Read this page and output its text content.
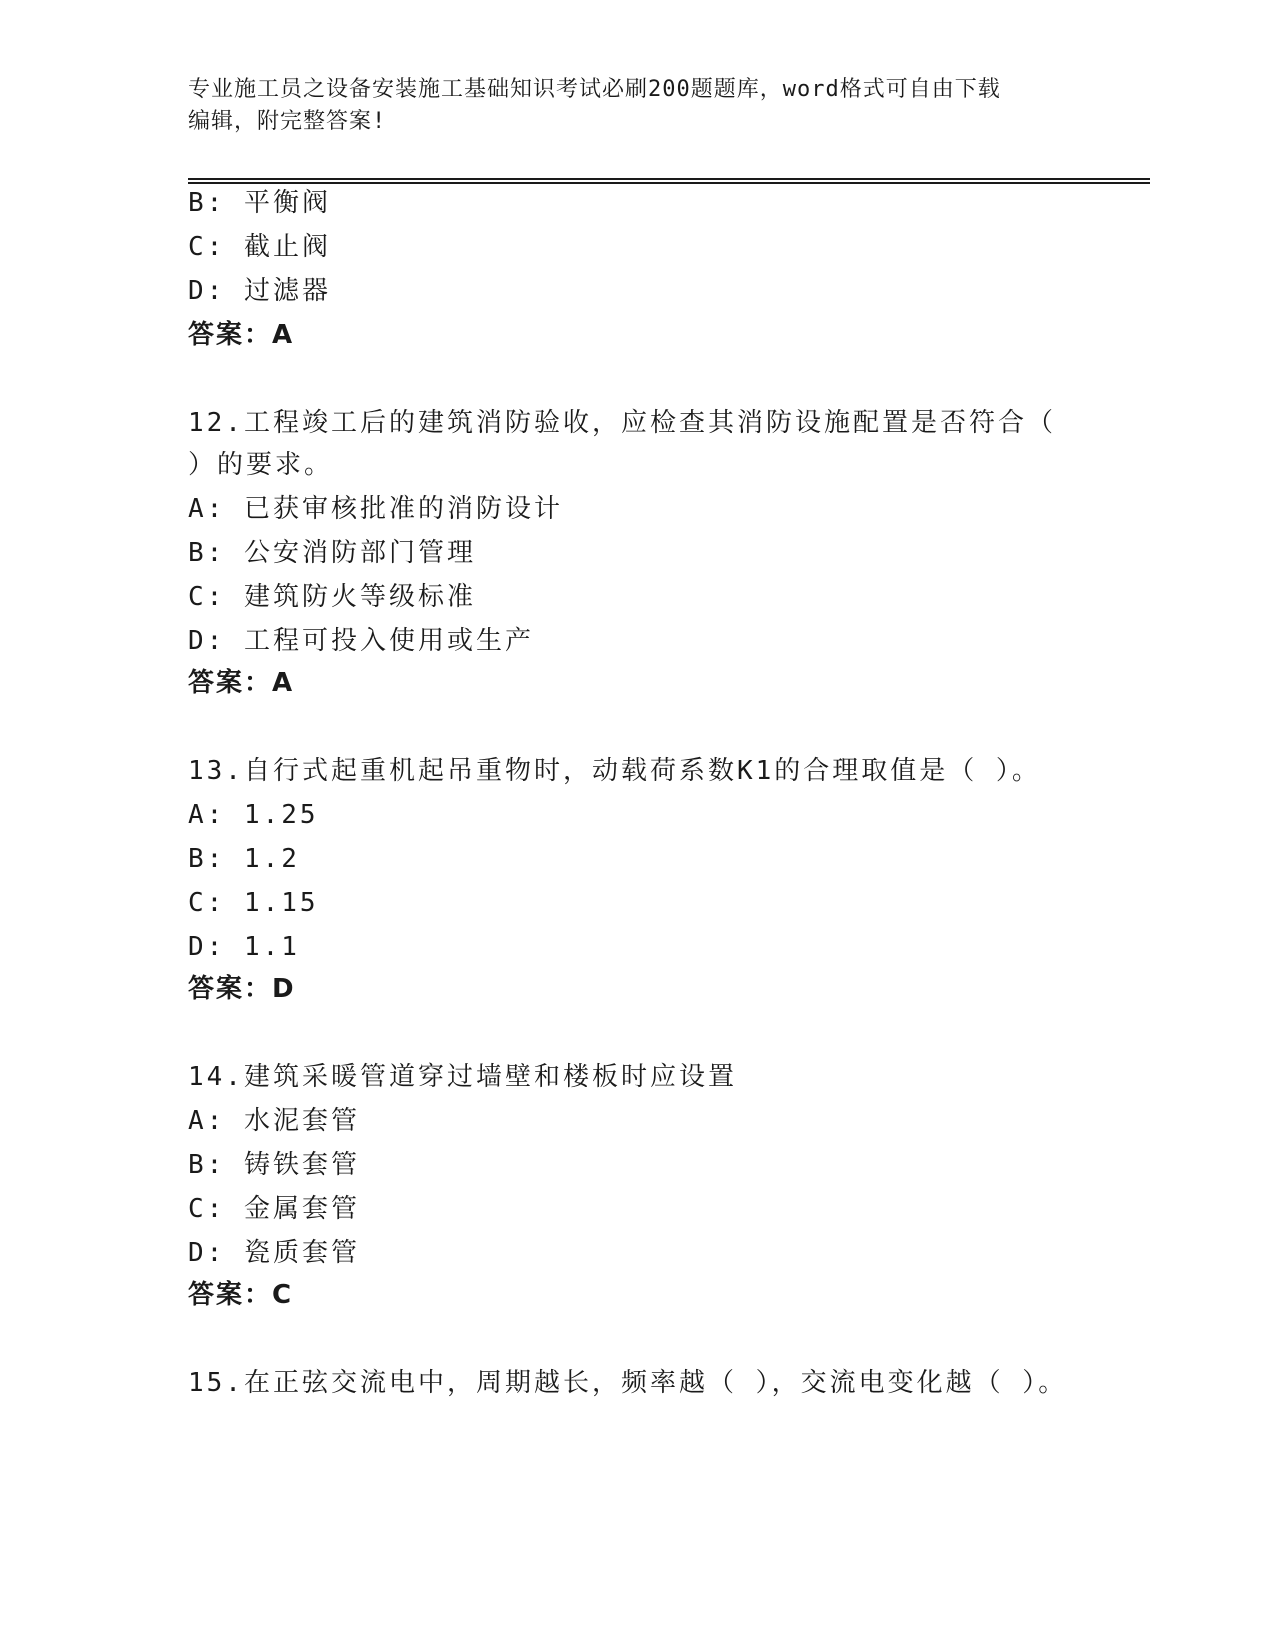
专业施工员之设备安装施工基础知识考试必刷200题题库，word格式可自由下载
编辑，附完整答案!
B: 平衡阀
C: 截止阀
D: 过滤器
答案：A
12.工程竣工后的建筑消防验收，应检查其消防设施配置是否符合（
）的要求。
A: 已获审核批准的消防设计
B: 公安消防部门管理
C: 建筑防火等级标准
D: 工程可投入使用或生产
答案：A
13.自行式起重机起吊重物时，动载荷系数K1的合理取值是（ ）。
A: 1.25
B: 1.2
C: 1.15
D: 1.1
答案：D
14.建筑采暖管道穿过墙壁和楼板时应设置
A: 水泥套管
B: 铸铁套管
C: 金属套管
D: 瓷质套管
答案：C
15.在正弦交流电中，周期越长，频率越（ ），交流电变化越（ ）。
